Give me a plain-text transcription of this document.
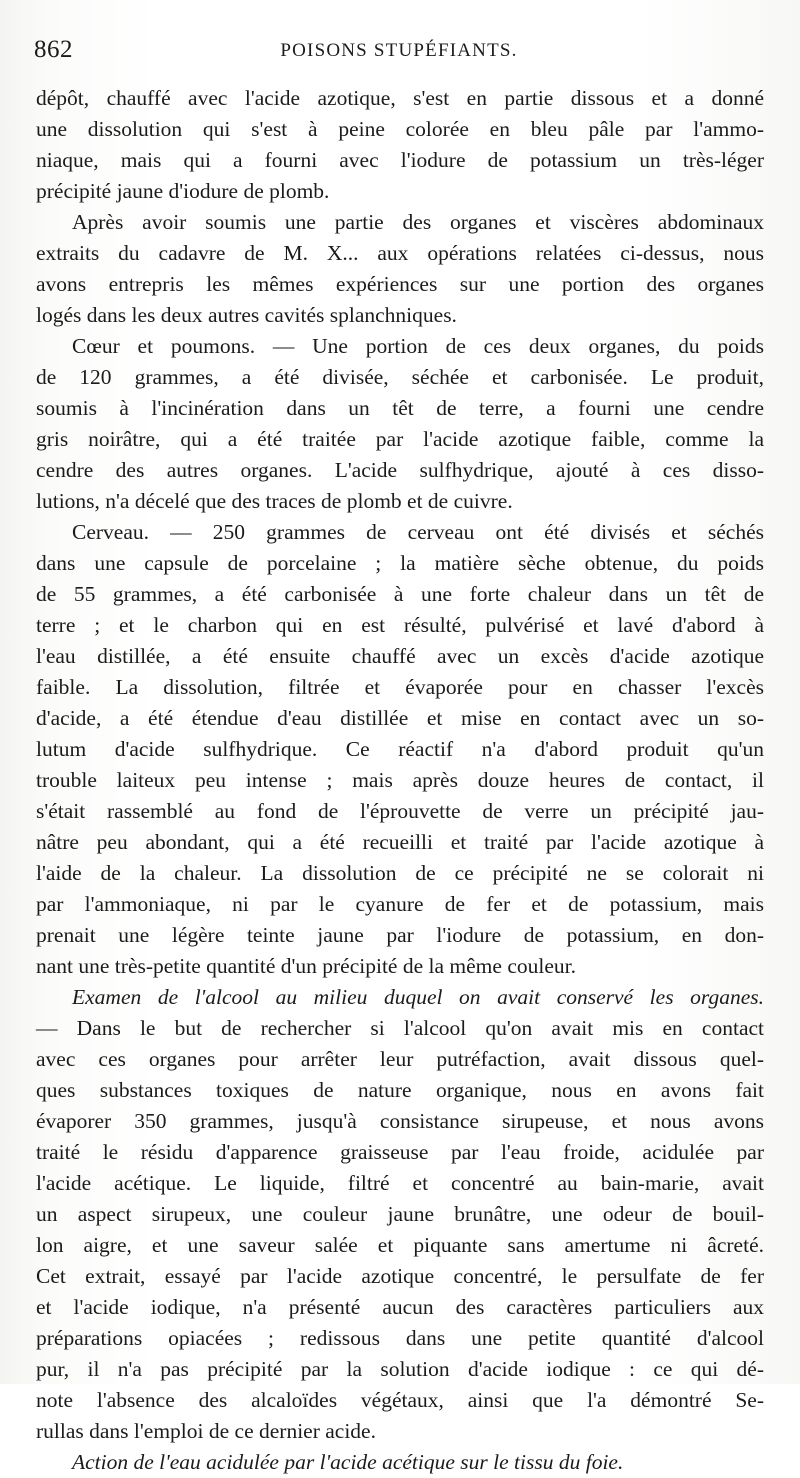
862	POISONS STUPÉFIANTS.
dépôt, chauffé avec l'acide azotique, s'est en partie dissous et a donné
une dissolution qui s'est à peine colorée en bleu pâle par l'ammo-
niaque, mais qui a fourni avec l'iodure de potassium un très-léger
précipité jaune d'iodure de plomb.
Après avoir soumis une partie des organes et viscères abdominaux
extraits du cadavre de M. X... aux opérations relatées ci-dessus, nous
avons entrepris les mêmes expériences sur une portion des organes
logés dans les deux autres cavités splanchniques.
Cœur et poumons. — Une portion de ces deux organes, du poids
de 120 grammes, a été divisée, séchée et carbonisée. Le produit,
soumis à l'incinération dans un têt de terre, a fourni une cendre
gris noirâtre, qui a été traitée par l'acide azotique faible, comme la
cendre des autres organes. L'acide sulfhydrique, ajouté à ces disso-
lutions, n'a décelé que des traces de plomb et de cuivre.
Cerveau. — 250 grammes de cerveau ont été divisés et séchés
dans une capsule de porcelaine ; la matière sèche obtenue, du poids
de 55 grammes, a été carbonisée à une forte chaleur dans un têt de
terre ; et le charbon qui en est résulté, pulvérisé et lavé d'abord à
l'eau distillée, a été ensuite chauffé avec un excès d'acide azotique
faible. La dissolution, filtrée et évaporée pour en chasser l'excès
d'acide, a été étendue d'eau distillée et mise en contact avec un so-
lutum d'acide sulfhydrique. Ce réactif n'a d'abord produit qu'un
trouble laiteux peu intense ; mais après douze heures de contact, il
s'était rassemblé au fond de l'éprouvette de verre un précipité jau-
nâtre peu abondant, qui a été recueilli et traité par l'acide azotique à
l'aide de la chaleur. La dissolution de ce précipité ne se colorait ni
par l'ammoniaque, ni par le cyanure de fer et de potassium, mais
prenait une légère teinte jaune par l'iodure de potassium, en don-
nant une très-petite quantité d'un précipité de la même couleur.
Examen de l'alcool au milieu duquel on avait conservé les organes.
— Dans le but de rechercher si l'alcool qu'on avait mis en contact
avec ces organes pour arrêter leur putréfaction, avait dissous quel-
ques substances toxiques de nature organique, nous en avons fait
évaporer 350 grammes, jusqu'à consistance sirupeuse, et nous avons
traité le résidu d'apparence graisseuse par l'eau froide, acidulée par
l'acide acétique. Le liquide, filtré et concentré au bain-marie, avait
un aspect sirupeux, une couleur jaune brunâtre, une odeur de bouil-
lon aigre, et une saveur salée et piquante sans amertume ni âcreté.
Cet extrait, essayé par l'acide azotique concentré, le persulfate de fer
et l'acide iodique, n'a présenté aucun des caractères particuliers aux
préparations opiacées ; redissous dans une petite quantité d'alcool
pur, il n'a pas précipité par la solution d'acide iodique : ce qui dé-
note l'absence des alcaloïdes végétaux, ainsi que l'a démontré Se-
rullas dans l'emploi de ce dernier acide.
Action de l'eau acidulée par l'acide acétique sur le tissu du foie.
